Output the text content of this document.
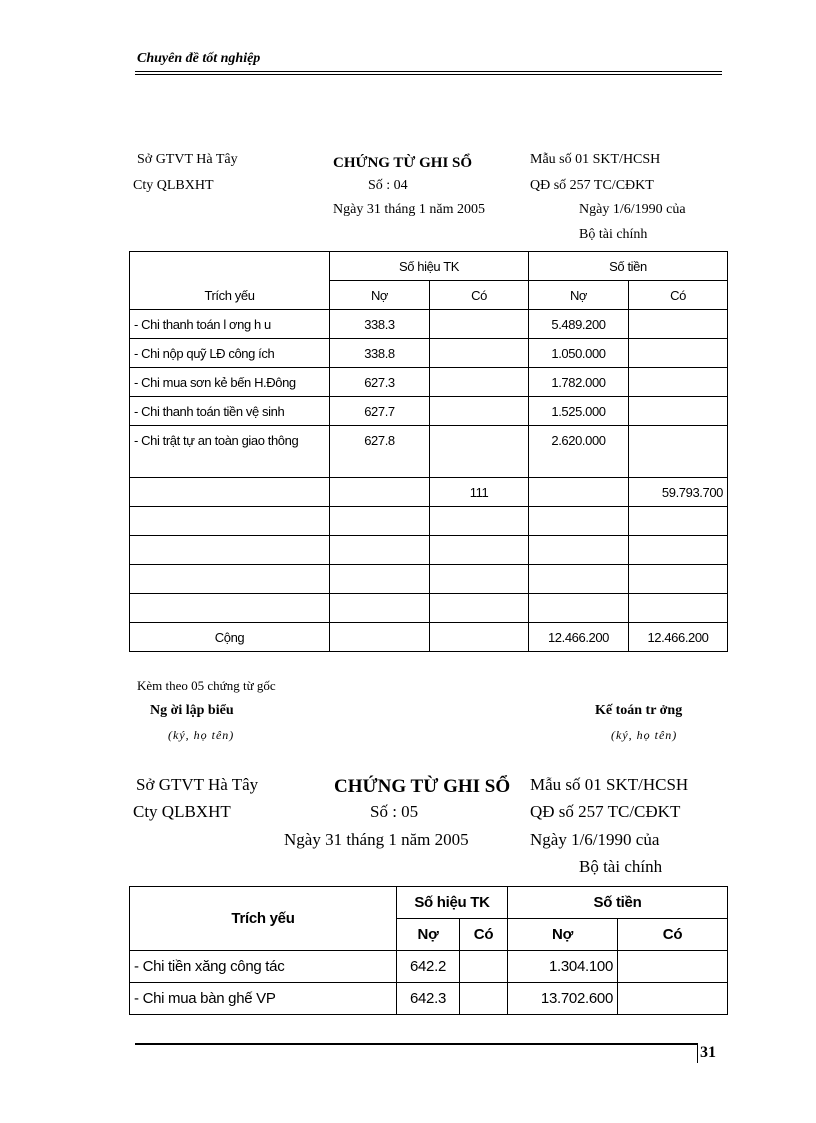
Chuyên đề tốt nghiệp
Sở GTVT Hà Tây
Cty QLBXHT
CHỨNG TỪ GHI SỔ
Số : 04
Ngày 31 tháng 1 năm 2005
Mẫu số 01 SKT/HCSH
QĐ số 257 TC/CĐKT
Ngày 1/6/1990 của
Bộ tài chính
Trích yếu	Số hiệu TK		Số tiền	
	Nợ	Có	Nợ	Có
- Chi thanh toán l ơng h u	338.3		5.489.200	
- Chi nộp quỹ LĐ công ích	338.8		1.050.000	
- Chi mua sơn kẻ bến H.Đông	627.3		1.782.000	
- Chi thanh toán tiền vệ sinh	627.7		1.525.000	
- Chi trật tự an toàn giao thông	627.8		2.620.000	
		111		59.793.700

Cộng			12.466.200	12.466.200
Kèm theo 05 chứng từ gốc
Ng ời lập biểu
(ký, họ tên)
Kế toán tr ởng
(ký, họ tên)
Sở GTVT Hà Tây
Cty QLBXHT
CHỨNG TỪ GHI SỔ
Số : 05
Ngày 31 tháng 1 năm 2005
Mẫu số 01 SKT/HCSH
QĐ số 257 TC/CĐKT
Ngày 1/6/1990 của
Bộ tài chính
Trích yếu	Số hiệu TK		Số tiền	
	Nợ	Có	Nợ	Có
- Chi tiền xăng công tác	642.2		1.304.100	
- Chi mua bàn ghế VP	642.3		13.702.600	
31
